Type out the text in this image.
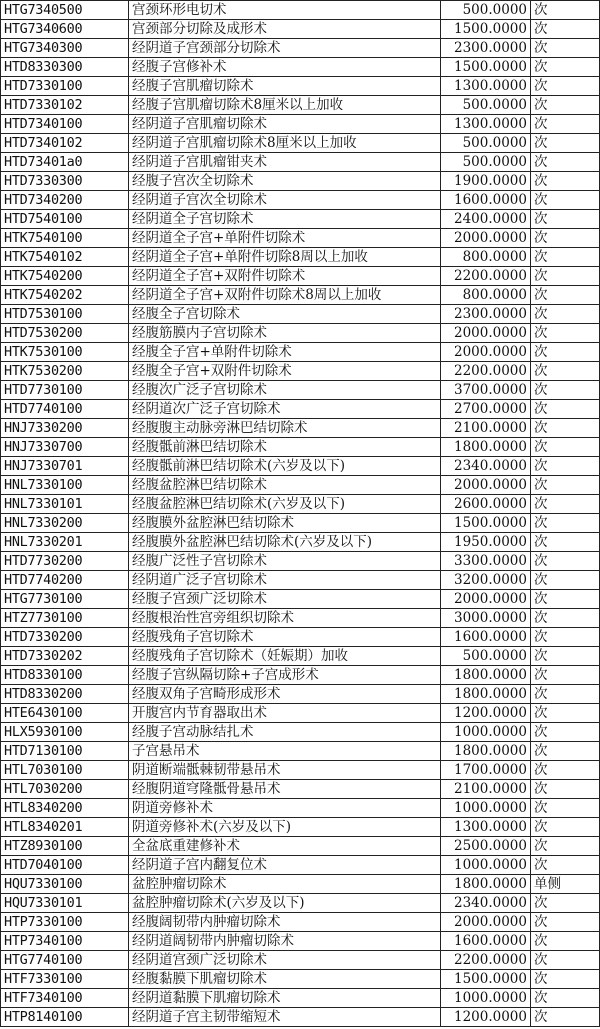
HTG7340500	宫颈环形电切术	500.0000	次
HTG7340600	宫颈部分切除及成形术	1500.0000	次
HTG7340300	经阴道子宫颈部分切除术	2300.0000	次
HTD8330300	经腹子宫修补术	1500.0000	次
HTD7330100	经腹子宫肌瘤切除术	1300.0000	次
HTD7330102	经腹子宫肌瘤切除术8厘米以上加收	500.0000	次
HTD7340100	经阴道子宫肌瘤切除术	1300.0000	次
HTD7340102	经阴道子宫肌瘤切除术8厘米以上加收	500.0000	次
HTD73401a0	经阴道子宫肌瘤钳夹术	500.0000	次
HTD7330300	经腹子宫次全切除术	1900.0000	次
HTD7340200	经阴道子宫次全切除术	1600.0000	次
HTD7540100	经阴道全子宫切除术	2400.0000	次
HTK7540100	经阴道全子宫+单附件切除术	2000.0000	次
HTK7540102	经阴道全子宫+单附件切除8周以上加收	800.0000	次
HTK7540200	经阴道全子宫+双附件切除术	2200.0000	次
HTK7540202	经阴道全子宫+双附件切除术8周以上加收	800.0000	次
HTD7530100	经腹全子宫切除术	2300.0000	次
HTD7530200	经腹筋膜内子宫切除术	2000.0000	次
HTK7530100	经腹全子宫+单附件切除术	2000.0000	次
HTK7530200	经腹全子宫+双附件切除术	2200.0000	次
HTD7730100	经腹次广泛子宫切除术	3700.0000	次
HTD7740100	经阴道次广泛子宫切除术	2700.0000	次
HNJ7330200	经腹腹主动脉旁淋巴结切除术	2100.0000	次
HNJ7330700	经腹骶前淋巴结切除术	1800.0000	次
HNJ7330701	经腹骶前淋巴结切除术(六岁及以下)	2340.0000	次
HNL7330100	经腹盆腔淋巴结切除术	2000.0000	次
HNL7330101	经腹盆腔淋巴结切除术(六岁及以下)	2600.0000	次
HNL7330200	经腹膜外盆腔淋巴结切除术	1500.0000	次
HNL7330201	经腹膜外盆腔淋巴结切除术(六岁及以下)	1950.0000	次
HTD7730200	经腹广泛性子宫切除术	3300.0000	次
HTD7740200	经阴道广泛子宫切除术	3200.0000	次
HTG7730100	经腹子宫颈广泛切除术	2000.0000	次
HTZ7730100	经腹根治性宫旁组织切除术	3000.0000	次
HTD7330200	经腹残角子宫切除术	1600.0000	次
HTD7330202	经腹残角子宫切除术（妊娠期）加收	500.0000	次
HTD8330100	经腹子宫纵隔切除+子宫成形术	1800.0000	次
HTD8330200	经腹双角子宫畸形成形术	1800.0000	次
HTE6430100	开腹宫内节育器取出术	1200.0000	次
HLX5930100	经腹子宫动脉结扎术	1000.0000	次
HTD7130100	子宫悬吊术	1800.0000	次
HTL7030100	阴道断端骶棘韧带悬吊术	1700.0000	次
HTL7030200	经腹阴道穹隆骶骨悬吊术	2100.0000	次
HTL8340200	阴道旁修补术	1000.0000	次
HTL8340201	阴道旁修补术(六岁及以下)	1300.0000	次
HTZ8930100	全盆底重建修补术	2500.0000	次
HTD7040100	经阴道子宫内翻复位术	1000.0000	次
HQU7330100	盆腔肿瘤切除术	1800.0000	单侧
HQU7330101	盆腔肿瘤切除术(六岁及以下)	2340.0000	次
HTP7330100	经腹阔韧带内肿瘤切除术	2000.0000	次
HTP7340100	经阴道阔韧带内肿瘤切除术	1600.0000	次
HTG7740100	经阴道宫颈广泛切除术	2200.0000	次
HTF7330100	经腹黏膜下肌瘤切除术	1500.0000	次
HTF7340100	经阴道黏膜下肌瘤切除术	1000.0000	次
HTP8140100	经阴道子宫主韧带缩短术	1200.0000	次
